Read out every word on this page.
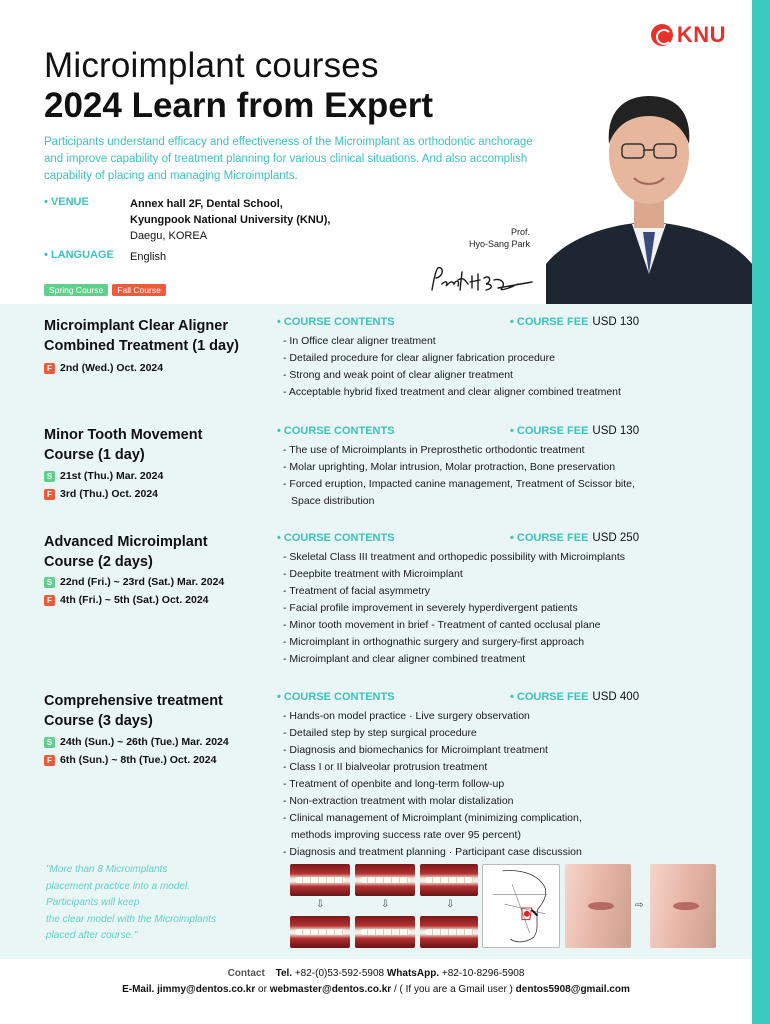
KNU
Microimplant courses
2024 Learn from Expert
Participants understand efficacy and effectiveness of the Microimplant as orthodontic anchorage and improve capability of treatment planning for various clinical situations. And also accomplish capability of placing and managing Microimplants.
• VENUE	Annex hall 2F, Dental School,
Kyungpook National University (KNU),
Daegu, KOREA
• LANGUAGE English
Prof.
Hyo-Sang Park
Park H S
Spring Course	Fall Course
Microimplant Clear Aligner
Combined Treatment (1 day)
F 2nd (Wed.) Oct. 2024
• COURSE CONTENTS	• COURSE FEE USD 130
- In Office clear aligner treatment
- Detailed procedure for clear aligner fabrication procedure
- Strong and weak point of clear aligner treatment
- Acceptable hybrid fixed treatment and clear aligner combined treatment
Minor Tooth Movement
Course (1 day)
S 21st (Thu.) Mar. 2024
F 3rd (Thu.) Oct. 2024
• COURSE CONTENTS	• COURSE FEE USD 130
- The use of Microimplants in Preprosthetic orthodontic treatment
- Molar uprighting, Molar intrusion, Molar protraction, Bone preservation
- Forced eruption, Impacted canine management, Treatment of Scissor bite,
Space distribution
Advanced Microimplant
Course (2 days)
S 22nd (Fri.) ~ 23rd (Sat.) Mar. 2024
F 4th (Fri.) ~ 5th (Sat.) Oct. 2024
• COURSE CONTENTS	• COURSE FEE USD 250
- Skeletal Class III treatment and orthopedic possibility with Microimplants
- Deepbite treatment with Microimplant
- Treatment of facial asymmetry
- Facial profile improvement in severely hyperdivergent patients
- Minor tooth movement in brief - Treatment of canted occlusal plane
- Microimplant in orthognathic surgery and surgery-first approach
- Microimplant and clear aligner combined treatment
Comprehensive treatment
Course (3 days)
S 24th (Sun.) ~ 26th (Tue.) Mar. 2024
F 6th (Sun.) ~ 8th (Tue.) Oct. 2024
• COURSE CONTENTS	• COURSE FEE USD 400
- Hands-on model practice · Live surgery observation
- Detailed step by step surgical procedure
- Diagnosis and biomechanics for Microimplant treatment
- Class I or II bialveolar protrusion treatment
- Treatment of openbite and long-term follow-up
- Non-extraction treatment with molar distalization
- Clinical management of Microimplant (minimizing complication,
methods improving success rate over 95 percent)
- Diagnosis and treatment planning · Participant case discussion
"More than 8 Microimplants
placement practice into a model.
Participants will keep
the clear model with the Microimplants
placed after course."
⇩	⇩	⇩	⇨
Contact Tel. +82-(0)53-592-5908 WhatsApp. +82-10-8296-5908
E-Mail. jimmy@dentos.co.kr or webmaster@dentos.co.kr / ( If you are a Gmail user ) dentos5908@gmail.com
